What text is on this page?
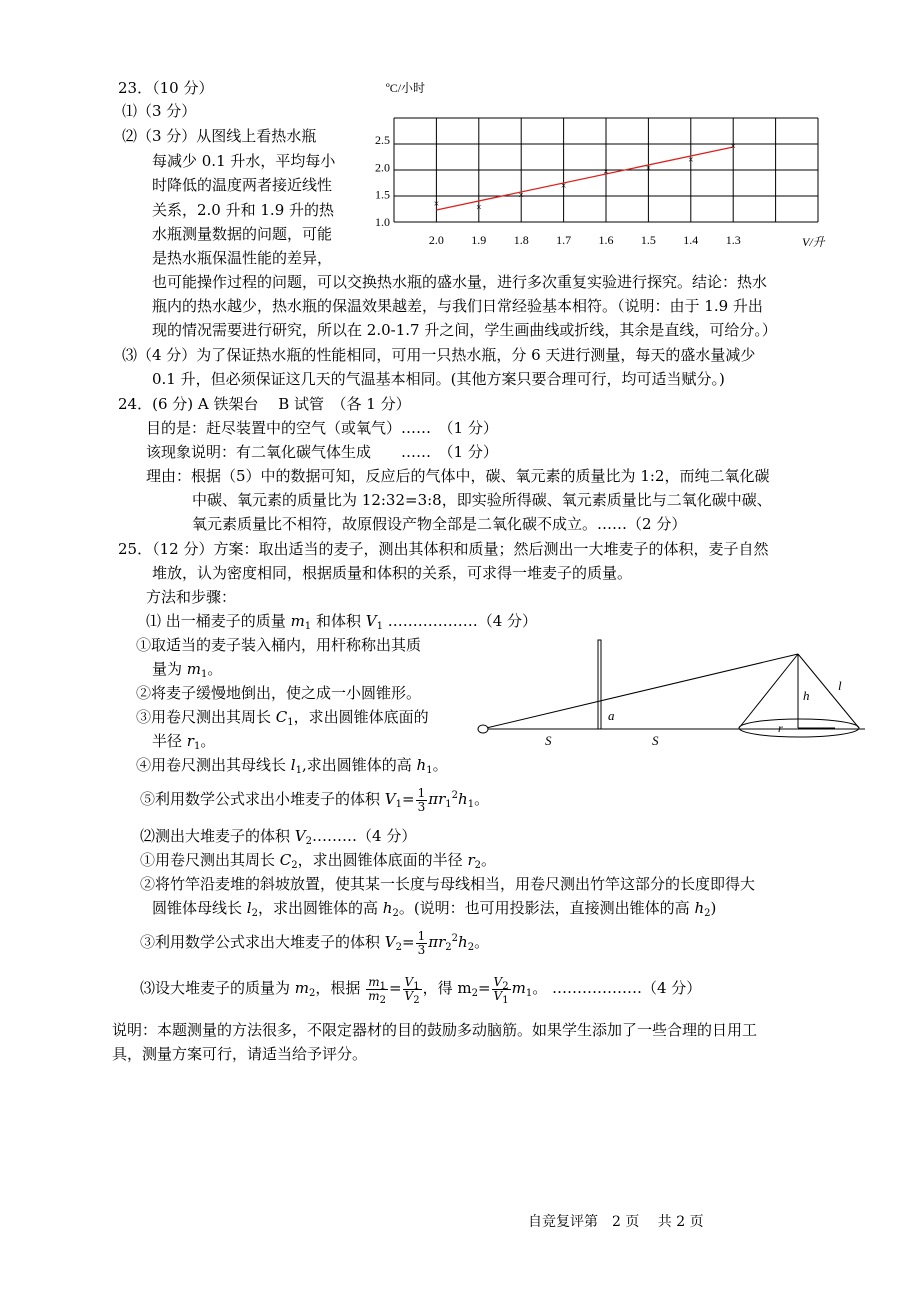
23．（10 分）
⑴（3 分）
⑵（3 分）从图线上看热水瓶
每减少 0.1 升水，平均每小
时降低的温度两者接近线性
关系，2.0 升和 1.9 升的热
水瓶测量数据的问题，可能
是热水瓶保温性能的差异，
也可能操作过程的问题，可以交换热水瓶的盛水量，进行多次重复实验进行探究。结论：热水
瓶内的热水越少，热水瓶的保温效果越差，与我们日常经验基本相符。（说明：由于 1.9 升出
现的情况需要进行研究，所以在 2.0-1.7 升之间，学生画曲线或折线，其余是直线，可给分。）
⑶（4 分）为了保证热水瓶的性能相同，可用一只热水瓶，分 6 天进行测量，每天的盛水量减少
0.1 升，但必须保证这几天的气温基本相同。(其他方案只要合理可行，均可适当赋分。)
ºC/小时
1.0
1.5
2.0
2.5
2.0 1.9 1.8 1.7 1.6 1.5 1.4 1.3
×	×
×
×
×	×
×
×
V/升
24．(6 分) A 铁架台　 B 试管　（各 1 分）
目的是：赶尽装置中的空气（或氧气）……　（1 分）
该现象说明：有二氧化碳气体生成　　……　（1 分）
理由：根据（5）中的数据可知，反应后的气体中，碳、氧元素的质量比为 1:2，而纯二氧化碳
中碳、氧元素的质量比为 12:32=3:8，即实验所得碳、氧元素质量比与二氧化碳中碳、
氧元素质量比不相符，故原假设产物全部是二氧化碳不成立。……（2 分）
25．（12 分）方案：取出适当的麦子，测出其体积和质量；然后测出一大堆麦子的体积，麦子自然
堆放，认为密度相同，根据质量和体积的关系，可求得一堆麦子的质量。
方法和步骤：
⑴ 出一桶麦子的质量 $m_1$ 和体积 $V_1$ ………………（4 分）
①取适当的麦子装入桶内，用杆称称出其质
量为 $m_1$。
②将麦子缓慢地倒出，使之成一小圆锥形。
③用卷尺测出其周长 $C_1$，求出圆锥体底面的
半径 $r_1$。
④用卷尺测出其母线长 $l_1$,求出圆锥体的高 $h_1$。
⑤利用数学公式求出小堆麦子的体积 $V_1= \frac{1}{3} \pi r_1^2h_1$。
⑵测出大堆麦子的体积 $V_2\dots\dots\dots(4$ 分）
①用卷尺测出其周长 $C_2$，求出圆锥体底面的半径 $r_2$。
②将竹竿沿麦堆的斜坡放置，使其某一长度与母线相当，用卷尺测出竹竿这部分的长度即得大
圆锥体母线长 $l_2$，求出圆锥体的高 $h_2$。(说明：也可用投影法，直接测出锥体的高 $h_2$)
③利用数学公式求出大堆麦子的体积 $V_2= \frac{1}{3} \pi r_2^2h_2$。
⑶设大堆麦子的质量为 $m_2$，根据 $\frac{m_1}{m_2} = \frac{V_1}{V_2}$ ，得 $m_2= \frac{V_2}{V_1} m_1$。 ………………（4 分）
说明：本题测量的方法很多，不限定器材的目的鼓励多动脑筋。如果学生添加了一些合理的日用工
具，测量方案可行，请适当给予评分。
a
h
l
r
S	S
自竞复评第　2 页　 共 2 页
